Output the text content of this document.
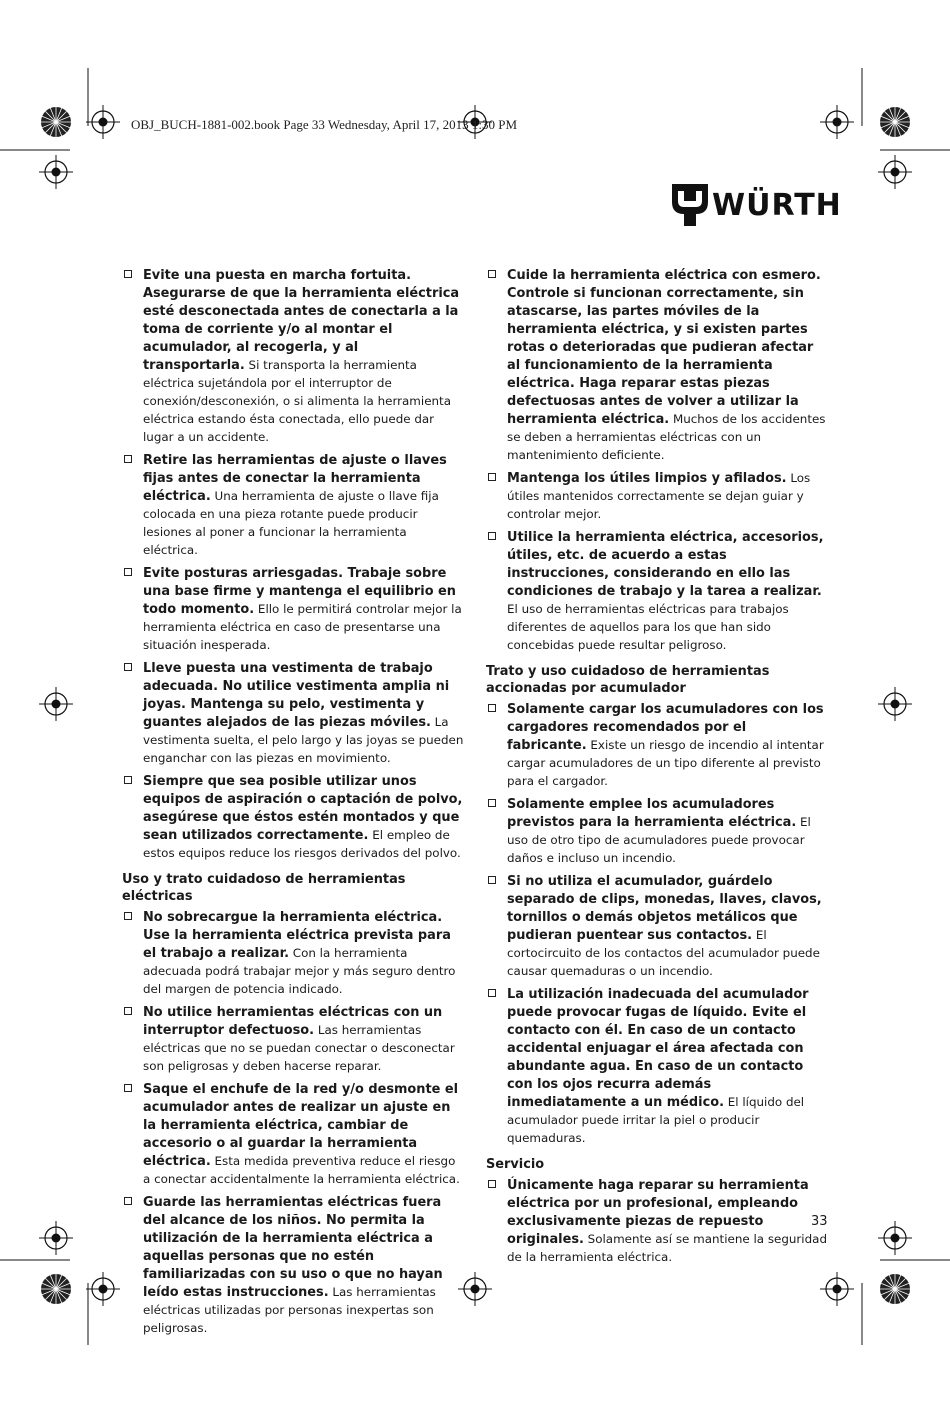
OBJ_BUCH-1881-002.book Page 33 Wednesday, April 17, 2013 1:30 PM
WÜRTH
Evite una puesta en marcha fortuita. Asegurarse de que la herramienta eléctrica esté desconectada antes de conectarla a la toma de corriente y/o al montar el acumulador, al recogerla, y al transportarla. Si transporta la herramienta eléctrica sujetándola por el interruptor de conexión/desconexión, o si alimenta la herramienta eléctrica estando ésta conectada, ello puede dar lugar a un accidente.
Retire las herramientas de ajuste o llaves fijas antes de conectar la herramienta eléctrica. Una herramienta de ajuste o llave fija colocada en una pieza rotante puede producir lesiones al poner a funcionar la herramienta eléctrica.
Evite posturas arriesgadas. Trabaje sobre una base firme y mantenga el equilibrio en todo momento. Ello le permitirá controlar mejor la herramienta eléctrica en caso de presentarse una situación inesperada.
Lleve puesta una vestimenta de trabajo adecuada. No utilice vestimenta amplia ni joyas. Mantenga su pelo, vestimenta y guantes alejados de las piezas móviles. La vestimenta suelta, el pelo largo y las joyas se pueden enganchar con las piezas en movimiento.
Siempre que sea posible utilizar unos equipos de aspiración o captación de polvo, asegúrese que éstos estén montados y que sean utilizados correctamente. El empleo de estos equipos reduce los riesgos derivados del polvo.
Uso y trato cuidadoso de herramientas eléctricas
No sobrecargue la herramienta eléctrica. Use la herramienta eléctrica prevista para el trabajo a realizar. Con la herramienta adecuada podrá trabajar mejor y más seguro dentro del margen de potencia indicado.
No utilice herramientas eléctricas con un interruptor defectuoso. Las herramientas eléctricas que no se puedan conectar o desconectar son peligrosas y deben hacerse reparar.
Saque el enchufe de la red y/o desmonte el acumulador antes de realizar un ajuste en la herramienta eléctrica, cambiar de accesorio o al guardar la herramienta eléctrica. Esta medida preventiva reduce el riesgo a conectar accidentalmente la herramienta eléctrica.
Guarde las herramientas eléctricas fuera del alcance de los niños. No permita la utilización de la herramienta eléctrica a aquellas personas que no estén familiarizadas con su uso o que no hayan leído estas instrucciones. Las herramientas eléctricas utilizadas por personas inexpertas son peligrosas.
Cuide la herramienta eléctrica con esmero. Controle si funcionan correctamente, sin atascarse, las partes móviles de la herramienta eléctrica, y si existen partes rotas o deterioradas que pudieran afectar al funcionamiento de la herramienta eléctrica. Haga reparar estas piezas defectuosas antes de volver a utilizar la herramienta eléctrica. Muchos de los accidentes se deben a herramientas eléctricas con un mantenimiento deficiente.
Mantenga los útiles limpios y afilados. Los útiles mantenidos correctamente se dejan guiar y controlar mejor.
Utilice la herramienta eléctrica, accesorios, útiles, etc. de acuerdo a estas instrucciones, considerando en ello las condiciones de trabajo y la tarea a realizar. El uso de herramientas eléctricas para trabajos diferentes de aquellos para los que han sido concebidas puede resultar peligroso.
Trato y uso cuidadoso de herramientas accionadas por acumulador
Solamente cargar los acumuladores con los cargadores recomendados por el fabricante. Existe un riesgo de incendio al intentar cargar acumuladores de un tipo diferente al previsto para el cargador.
Solamente emplee los acumuladores previstos para la herramienta eléctrica. El uso de otro tipo de acumuladores puede provocar daños e incluso un incendio.
Si no utiliza el acumulador, guárdelo separado de clips, monedas, llaves, clavos, tornillos o demás objetos metálicos que pudieran puentear sus contactos. El cortocircuito de los contactos del acumulador puede causar quemaduras o un incendio.
La utilización inadecuada del acumulador puede provocar fugas de líquido. Evite el contacto con él. En caso de un contacto accidental enjuagar el área afectada con abundante agua. En caso de un contacto con los ojos recurra además inmediatamente a un médico. El líquido del acumulador puede irritar la piel o producir quemaduras.
Servicio
Únicamente haga reparar su herramienta eléctrica por un profesional, empleando exclusivamente piezas de repuesto originales. Solamente así se mantiene la seguridad de la herramienta eléctrica.
33
